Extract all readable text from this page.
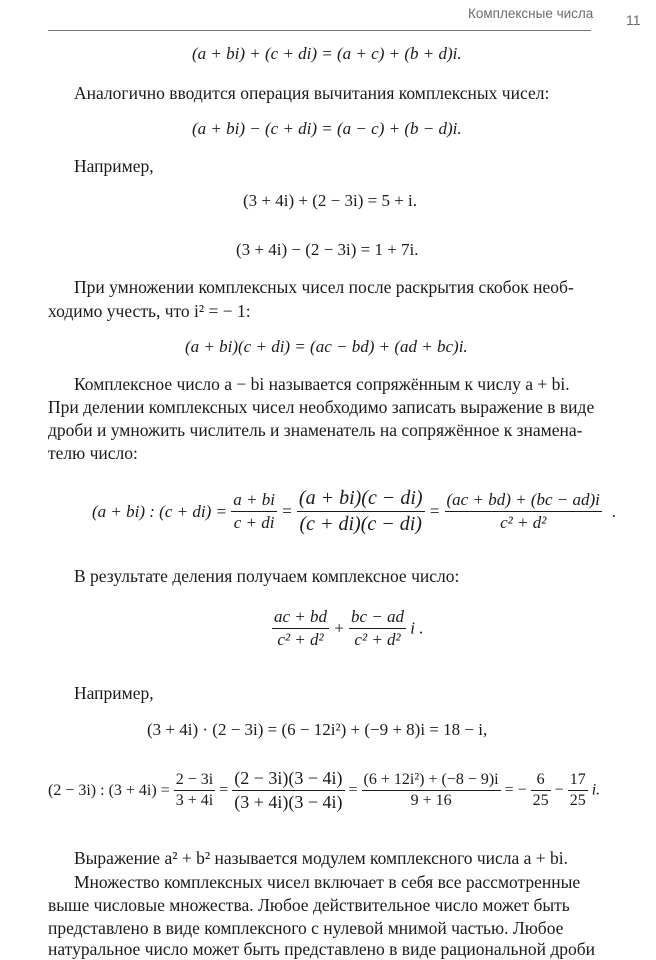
Комплексные числа 11
(a + bi) + (c + di) = (a + c) + (b + d)i.
Аналогично вводится операция вычитания комплексных чисел:
(a + bi) − (c + di) = (a − c) + (b − d)i.
Например,
(3 + 4i) + (2 − 3i) = 5 + i.
(3 + 4i) − (2 − 3i) = 1 + 7i.
При умножении комплексных чисел после раскрытия скобок необ-
ходимо учесть, что i² = − 1:
(a + bi)(c + di) = (ac − bd) + (ad + bc)i.
Комплексное число a − bi называется сопряжённым к числу a + bi.
При делении комплексных чисел необходимо записать выражение в виде
дроби и умножить числитель и знаменатель на сопряжённое к знамена-
телю число:
(a + bi) : $(c + di) = \frac{a + bi}{c + di} = \frac{(a + bi)(c - di)}{(c + di)(c - di)} = \frac{(ac + bd) + (bc - ad)i}{\text{c² + d²}}$ .
В результате деления получаем комплексное число:
$\frac{ac + bd}{\text{c² + d²}} + \frac{bc - ad}{\text{c² + d²}}$ i .
Например,
(3 + 4i) · (2 − 3i) = (6 − 12i²) + (−9 + 8)i = 18 − i,
(2 − 3i) : $(3 + 4i) = \frac{2 - 3i}{3 + 4i} = \frac{(2 - 3i)(3 - 4i)}{(3 + 4i)(3 - 4i)} = \frac{\text{(6 + 12i²) + (−8 − 9)i}}{9 + 16}$ = − $\frac{6}{25} - \frac{17}{25} i$.
Выражение a² + b² называется модулем комплексного числа a + bi.
Множество комплексных чисел включает в себя все рассмотренные
выше числовые множества. Любое действительное число может быть
представлено в виде комплексного с нулевой мнимой частью. Любое
натуральное число может быть представлено в виде рациональной дроби
